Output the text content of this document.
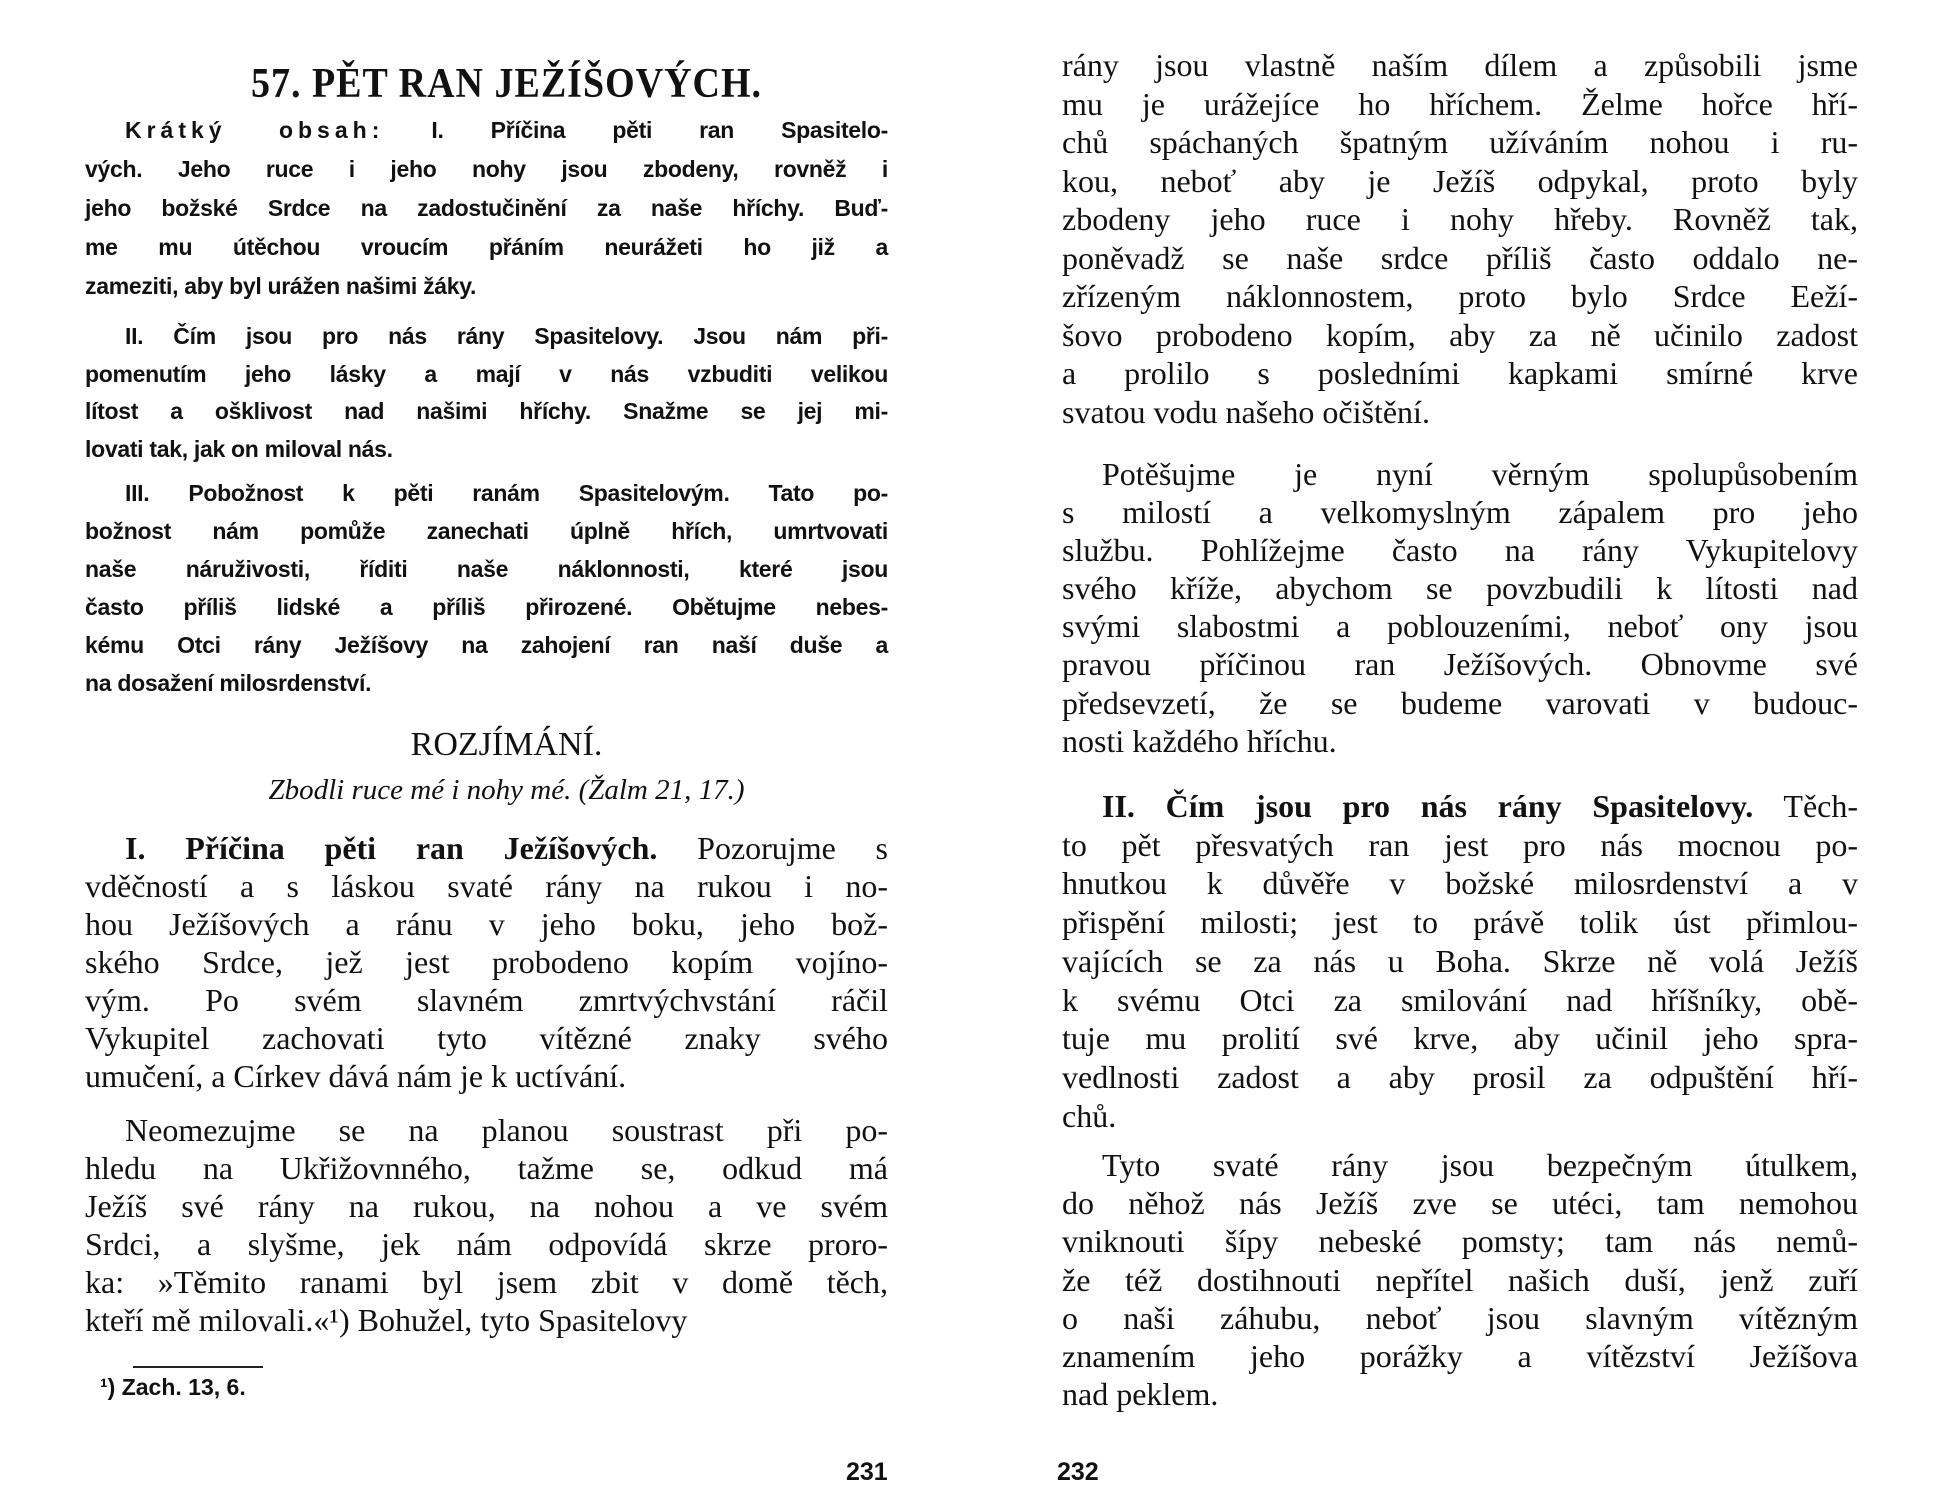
57. PĚT RAN JEŽÍŠOVÝCH.
Krátký obsah: I. Příčina pěti ran Spasitelo-
vých. Jeho ruce i jeho nohy jsou zbodeny, rovněž i
jeho božské Srdce na zadostučinění za naše hříchy. Buď-
me mu útěchou vroucím přáním neurážeti ho již a
zameziti, aby byl urážen našimi žáky.
II. Čím jsou pro nás rány Spasitelovy. Jsou nám při-
pomenutím jeho lásky a mají v nás vzbuditi velikou
lítost a ošklivost nad našimi hříchy. Snažme se jej mi-
lovati tak, jak on miloval nás.
III. Pobožnost k pěti ranám Spasitelovým. Tato po-
božnost nám pomůže zanechati úplně hřích, umrtvovati
naše náruživosti, říditi naše náklonnosti, které jsou
často příliš lidské a příliš přirozené. Obětujme nebes-
kému Otci rány Ježíšovy na zahojení ran naší duše a
na dosažení milosrdenství.
ROZJÍMÁNÍ.
Zbodli ruce mé i nohy mé. (Žalm 21, 17.)
I. Příčina pěti ran Ježíšových. Pozorujme s
vděčností a s láskou svaté rány na rukou i no-
hou Ježíšových a ránu v jeho boku, jeho bož-
ského Srdce, jež jest probodeno kopím vojíno-
vým. Po svém slavném zmrtvýchvstání ráčil
Vykupitel zachovati tyto vítězné znaky svého
umučení, a Církev dává nám je k uctívání.
Neomezujme se na planou soustrast při po-
hledu na Ukřižovnného, tažme se, odkud má
Ježíš své rány na rukou, na nohou a ve svém
Srdci, a slyšme, jek nám odpovídá skrze proro-
ka: »Těmito ranami byl jsem zbit v domě těch,
kteří mě milovali.«¹) Bohužel, tyto Spasitelovy
¹) Zach. 13, 6.
231
rány jsou vlastně naším dílem a způsobili jsme
mu je urážejíce ho hříchem. Želme hořce hří-
chů spáchaných špatným užíváním nohou i ru-
kou, neboť aby je Ježíš odpykal, proto byly
zbodeny jeho ruce i nohy hřeby. Rovněž tak,
poněvadž se naše srdce příliš často oddalo ne-
zřízeným náklonnostem, proto bylo Srdce Eeží-
šovo probodeno kopím, aby za ně učinilo zadost
a prolilo s posledními kapkami smírné krve
svatou vodu našeho očištění.
Potěšujme je nyní věrným spolupůsobením
s milostí a velkomyslným zápalem pro jeho
službu. Pohlížejme často na rány Vykupitelovy
svého kříže, abychom se povzbudili k lítosti nad
svými slabostmi a poblouzeními, neboť ony jsou
pravou příčinou ran Ježíšových. Obnovme své
předsevzetí, že se budeme varovati v budouc-
nosti každého hříchu.
II. Čím jsou pro nás rány Spasitelovy. Těch-
to pět přesvatých ran jest pro nás mocnou po-
hnutkou k důvěře v božské milosrdenství a v
přispění milosti; jest to právě tolik úst přimlou-
vajících se za nás u Boha. Skrze ně volá Ježíš
k svému Otci za smilování nad hříšníky, obě-
tuje mu prolití své krve, aby učinil jeho spra-
vedlnosti zadost a aby prosil za odpuštění hří-
chů.
Tyto svaté rány jsou bezpečným útulkem,
do něhož nás Ježíš zve se utéci, tam nemohou
vniknouti šípy nebeské pomsty; tam nás nemů-
že též dostihnouti nepřítel našich duší, jenž zuří
o naši záhubu, neboť jsou slavným vítězným
znamením jeho porážky a vítězství Ježíšova
nad peklem.
232
